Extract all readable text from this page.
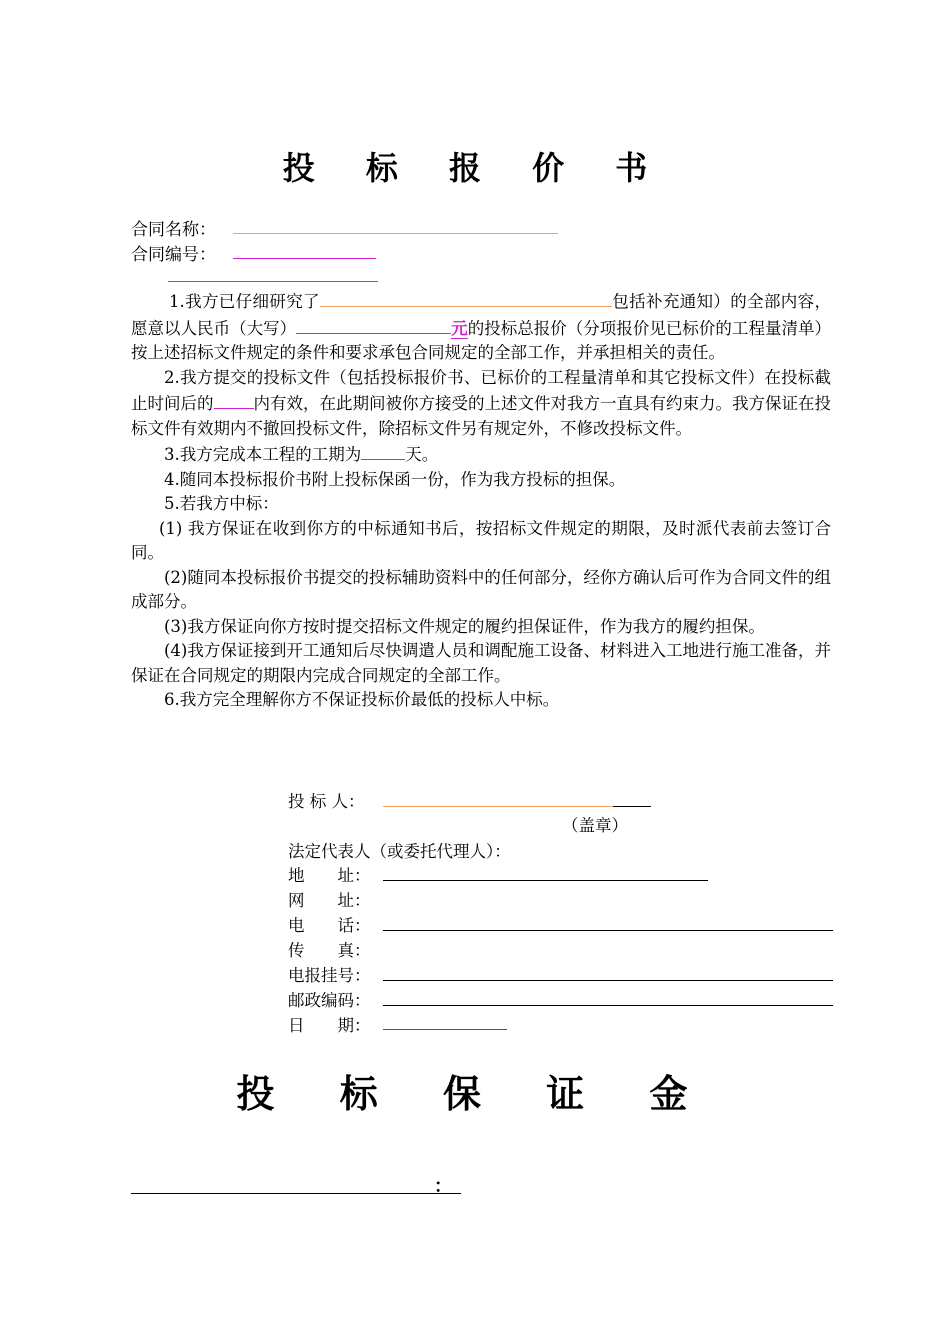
投 标 报 价 书
合同名称：
合同编号：

1.我方已仔细研究了	包括补充通知）的全部内容，愿意以人民币（大写）	元的投标总报价（分项报价见已标价的工程量清单）按上述招标文件规定的条件和要求承包合同规定的全部工作，并承担相关的责任。

2.我方提交的投标文件（包括投标报价书、已标价的工程量清单和其它投标文件）在投标截止时间后的 内有效，在此期间被你方接受的上述文件对我方一直具有约束力。我方保证在投标文件有效期内不撤回投标文件，除招标文件另有规定外，不修改投标文件。

3.我方完成本工程的工期为	天。

4.随同本投标报价书附上投标保函一份，作为我方投标的担保。

5.若我方中标：

(1) 我方保证在收到你方的中标通知书后，按招标文件规定的期限，及时派代表前去签订合同。

(2)随同本投标报价书提交的投标辅助资料中的任何部分，经你方确认后可作为合同文件的组成部分。

(3)我方保证向你方按时提交招标文件规定的履约担保证件，作为我方的履约担保。

(4)我方保证接到开工通知后尽快调遣人员和调配施工设备、材料进入工地进行施工准备，并保证在合同规定的期限内完成合同规定的全部工作。

6.我方完全理解你方不保证投标价最低的投标人中标。

投 标 人：
（盖章）
法定代表人（或委托代理人）：
地　　址：
网　　址：
电　　话：
传　　真：
电报挂号：
邮政编码：
日　　期：
投 标 保 证 金
：
